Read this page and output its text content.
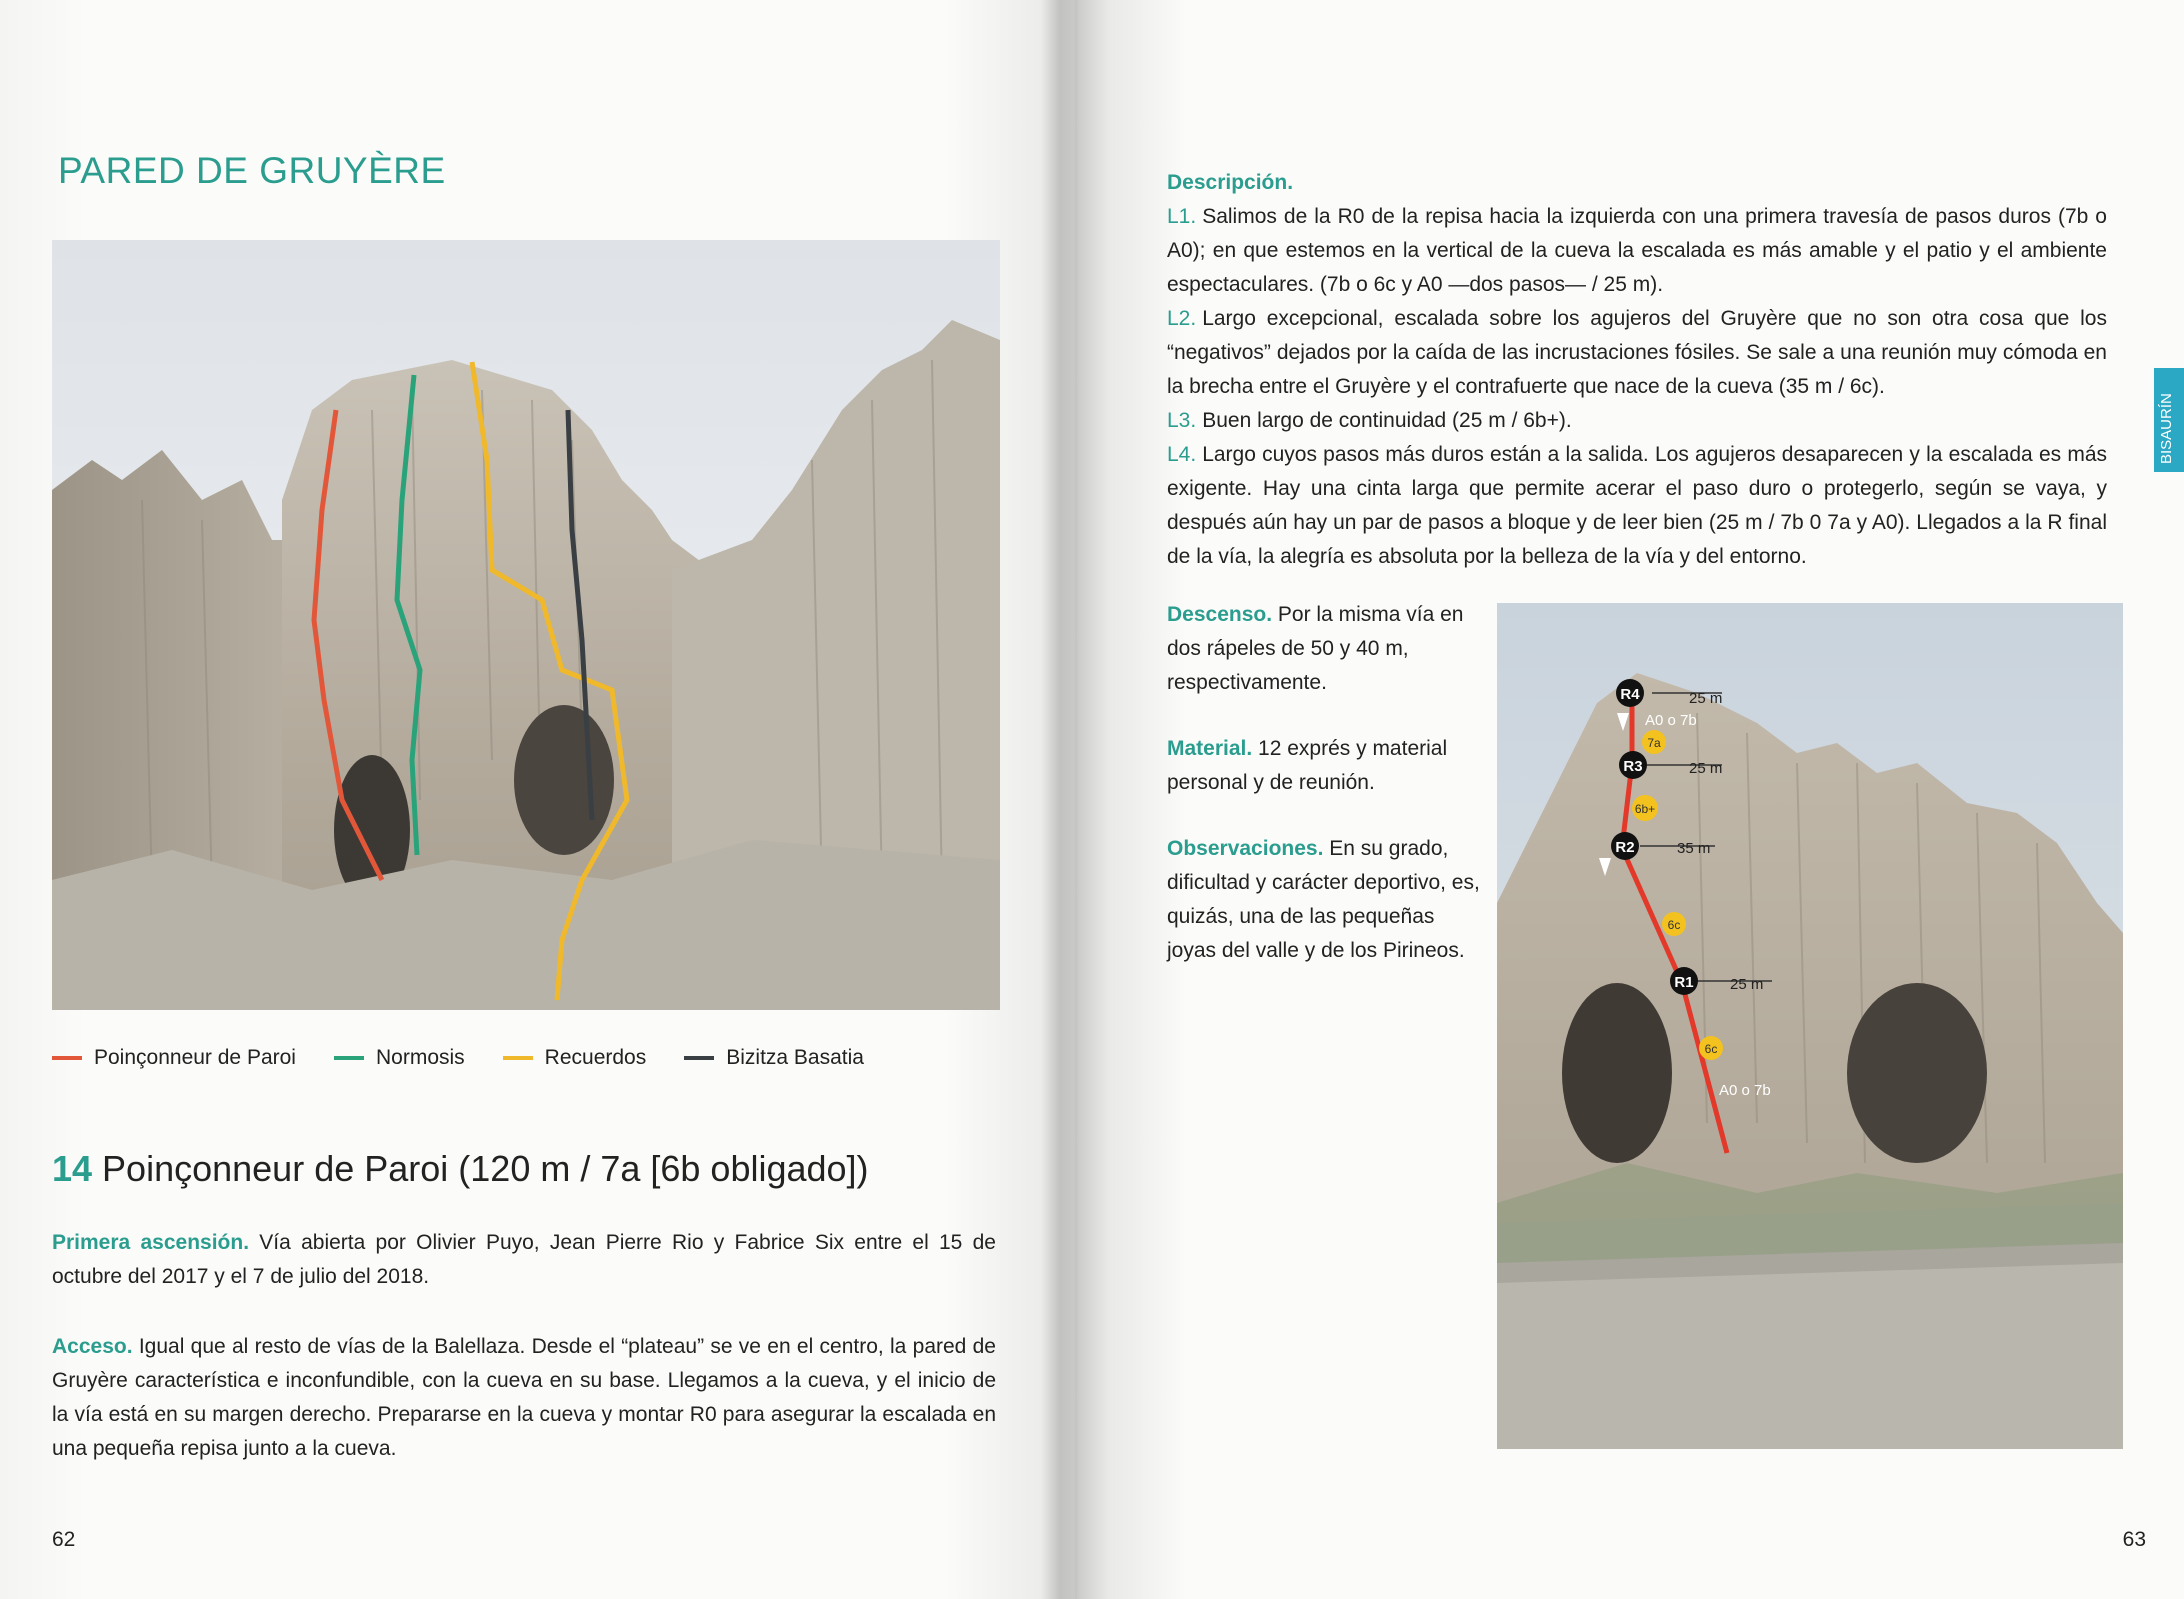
PARED DE GRUYÈRE
Poinçonneur de Paroi	Normosis	Recuerdos	Bizitza Basatia
14 Poinçonneur de Paroi (120 m / 7a [6b obligado])
Primera ascensión. Vía abierta por Olivier Puyo, Jean Pierre Rio y Fabrice Six entre el 15 de octubre del 2017 y el 7 de julio del 2018.
Acceso. Igual que al resto de vías de la Balellaza. Desde el “plateau” se ve en el centro, la pared de Gruyère característica e inconfundible, con la cueva en su base. Llegamos a la cueva, y el inicio de la vía está en su margen derecho. Prepararse en la cueva y montar R0 para asegurar la escalada en una pequeña repisa junto a la cueva.
62
BISAURÍN
Descripción.
L1. Salimos de la R0 de la repisa hacia la izquierda con una primera travesía de pasos duros (7b o A0); en que estemos en la vertical de la cueva la escalada es más amable y el patio y el ambiente espectaculares. (7b o 6c y A0 —dos pasos— / 25 m).
L2. Largo excepcional, escalada sobre los agujeros del Gruyère que no son otra cosa que los “negativos” dejados por la caída de las incrustaciones fósiles. Se sale a una reunión muy cómoda en la brecha entre el Gruyère y el contrafuerte que nace de la cueva (35 m / 6c).
L3. Buen largo de continuidad (25 m / 6b+).
L4. Largo cuyos pasos más duros están a la salida. Los agujeros desaparecen y la escalada es más exigente. Hay una cinta larga que permite acerar el paso duro o protegerlo, según se vaya, y después aún hay un par de pasos a bloque y de leer bien (25 m / 7b 0 7a y A0). Llegados a la R final de la vía, la alegría es absoluta por la belleza de la vía y del entorno.
Descenso. Por la misma vía en dos rápeles de 50 y 40 m, respectivamente.
Material. 12 exprés y material personal y de reunión.
Observaciones. En su grado, dificultad y carácter deportivo, es, quizás, una de las pequeñas joyas del valle y de los Pirineos.
R4
R3
R2
R1
25 m
25 m
35 m
25 m
7a
6b+
6c
6c
A0 o 7b
A0 o 7b
63
